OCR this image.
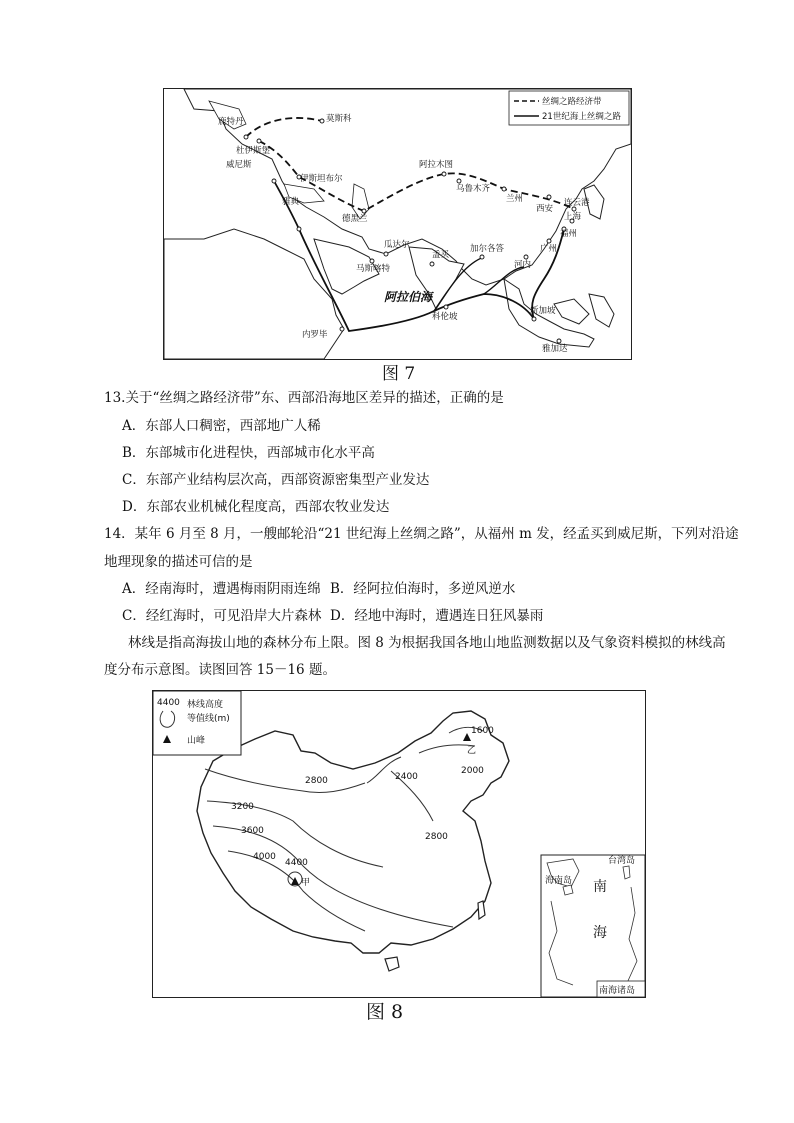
丝绸之路经济带
21世纪海上丝绸之路
鹿特丹	莫斯科
杜伊斯堡
威尼斯
伊斯坦布尔
雅典
德黑兰
阿拉木图
乌鲁木齐
兰州
西安
连云港
上海
福州
广州
河内
瓜达尔
马斯喀特
孟买
加尔各答
科伦坡
新加坡
雅加达
内罗毕
阿拉伯海
图 7
13.关于“丝绸之路经济带”东、西部沿海地区差异的描述，正确的是
A．东部人口稠密，西部地广人稀
B．东部城市化进程快，西部城市化水平高
C．东部产业结构层次高，西部资源密集型产业发达
D．东部农业机械化程度高，西部农牧业发达
14．某年 6 月至 8 月，一艘邮轮沿“21 世纪海上丝绸之路”，从福州 m 发，经孟买到威尼斯，下列对沿途
地理现象的描述可信的是
A．经南海时，遭遇梅雨阴雨连绵 B．经阿拉伯海时，多逆风逆水
C．经红海时，可见沿岸大片森林 D．经地中海时，遭遇连日狂风暴雨
林线是指高海拔山地的森林分布上限。图 8 为根据我国各地山地监测数据以及气象资料模拟的林线高
度分布示意图。读图回答 15－16 题。
2800
3200
3600
4000
2400
2000
1600
2800
4400
甲
乙
4400 林线高度
等值线(m)
山峰
台湾岛
海南岛 南
海
南海诸岛
图 8
